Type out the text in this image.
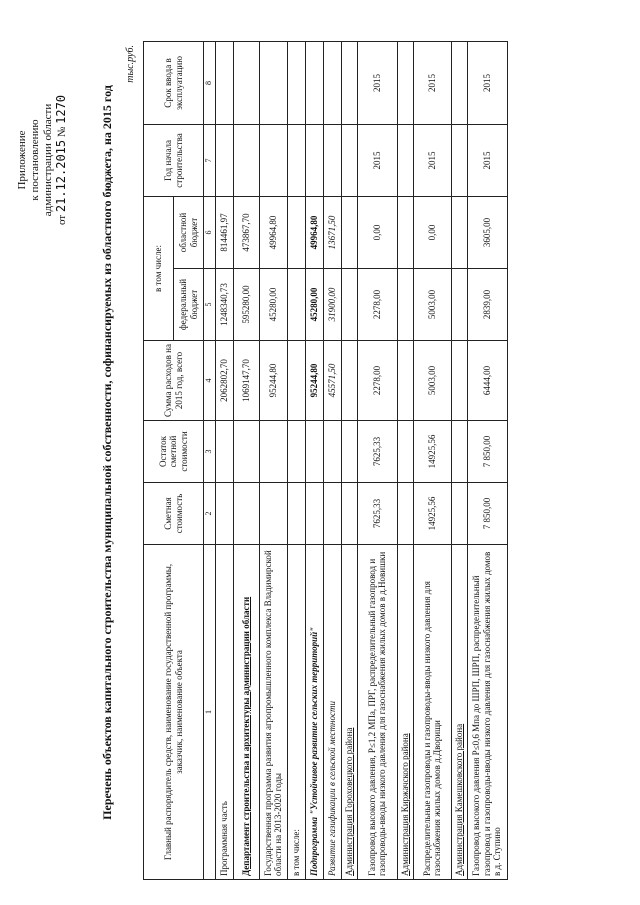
Приложение к постановлению администрации области
от 21.12.2015 № 1270	Перечень объектов капитального строительства муниципальной собственности, софинансируемых из областного бюджета, на 2015 год
тыс.руб.
Главный распорядитель средств, наименование государственной программы, заказчик, наименование объекта	Сметная стоимость	Остаток сметной стоимости	Сумма расходов на 2015 год, всего	в том числе:		Год начала строительства	Срок ввода в эксплуатацию
				федеральный бюджет	областной бюджет		
1	2	3	4	5	6	7	8
Программная часть			2062802,70	1248340,73	814461,97		
Департамент строительства и архитектуры администрации области			1069147,70	595280,00	473867,70		
Государственная программа развития агропромышленного комплекса Владимирской области на 2013-2020 годы			95244,80	45280,00	49964,80		
в том числе:							
Подпрограмма "Устойчивое развитие сельских территорий"			95244,80	45280,00	49964,80		
Развитие газификации в сельской местности			45571,50	31900,00	13671,50		
Администрация Гороховецкого района							
Газопровод высокого давления, Р≤1,2 МПа, ПРГ, распределительный газопровод и газопроводы-вводы низкого давления для газоснабжения жилых домов в д.Новишки	7625,33	7625,33	2278,00	2278,00	0,00	2015	2015
Администрация Киржачского района							
Распределительные газопроводы и газопроводы-вводы низкого давления для газоснабжения жилых домов д.Дворищи	14925,56	14925,56	5003,00	5003,00	0,00	2015	2015
Администрация Камешковского района							
Газопровод высокого давления Р≤0,6 Мпа до ШРП, ШРП, распределительный газопровод и газопроводы-вводы низкого давления для газоснабжения жилых домов в д. Ступино	7 850,00	7 850,00	6444,00	2839,00	3605,00	2015	2015
